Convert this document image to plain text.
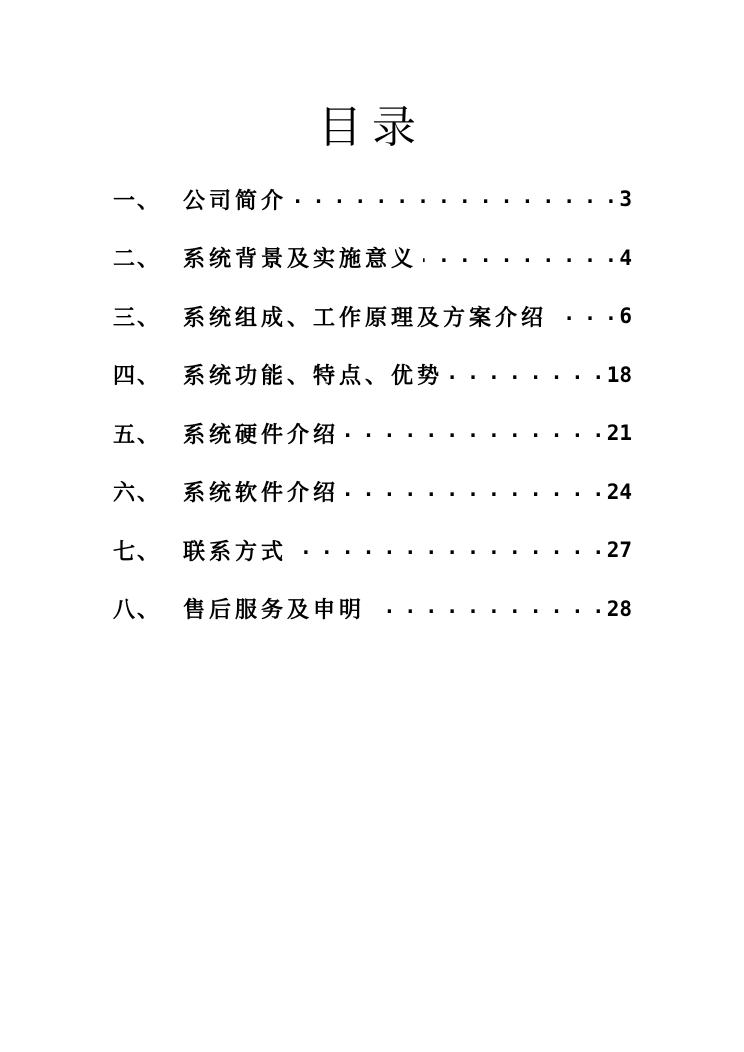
目录
一、 公司简介 . . .	3
二、 系统背景及实施意义 . . .	4
三、 系统组成、工作原理及方案介绍 . . .	6
四、 系统功能、特点、优势 . . .	18
五、 系统硬件介绍 . . .	21
六、 系统软件介绍 . . .	24
七、 联系方式 . . .	27
八、 售后服务及申明 . . .	28
